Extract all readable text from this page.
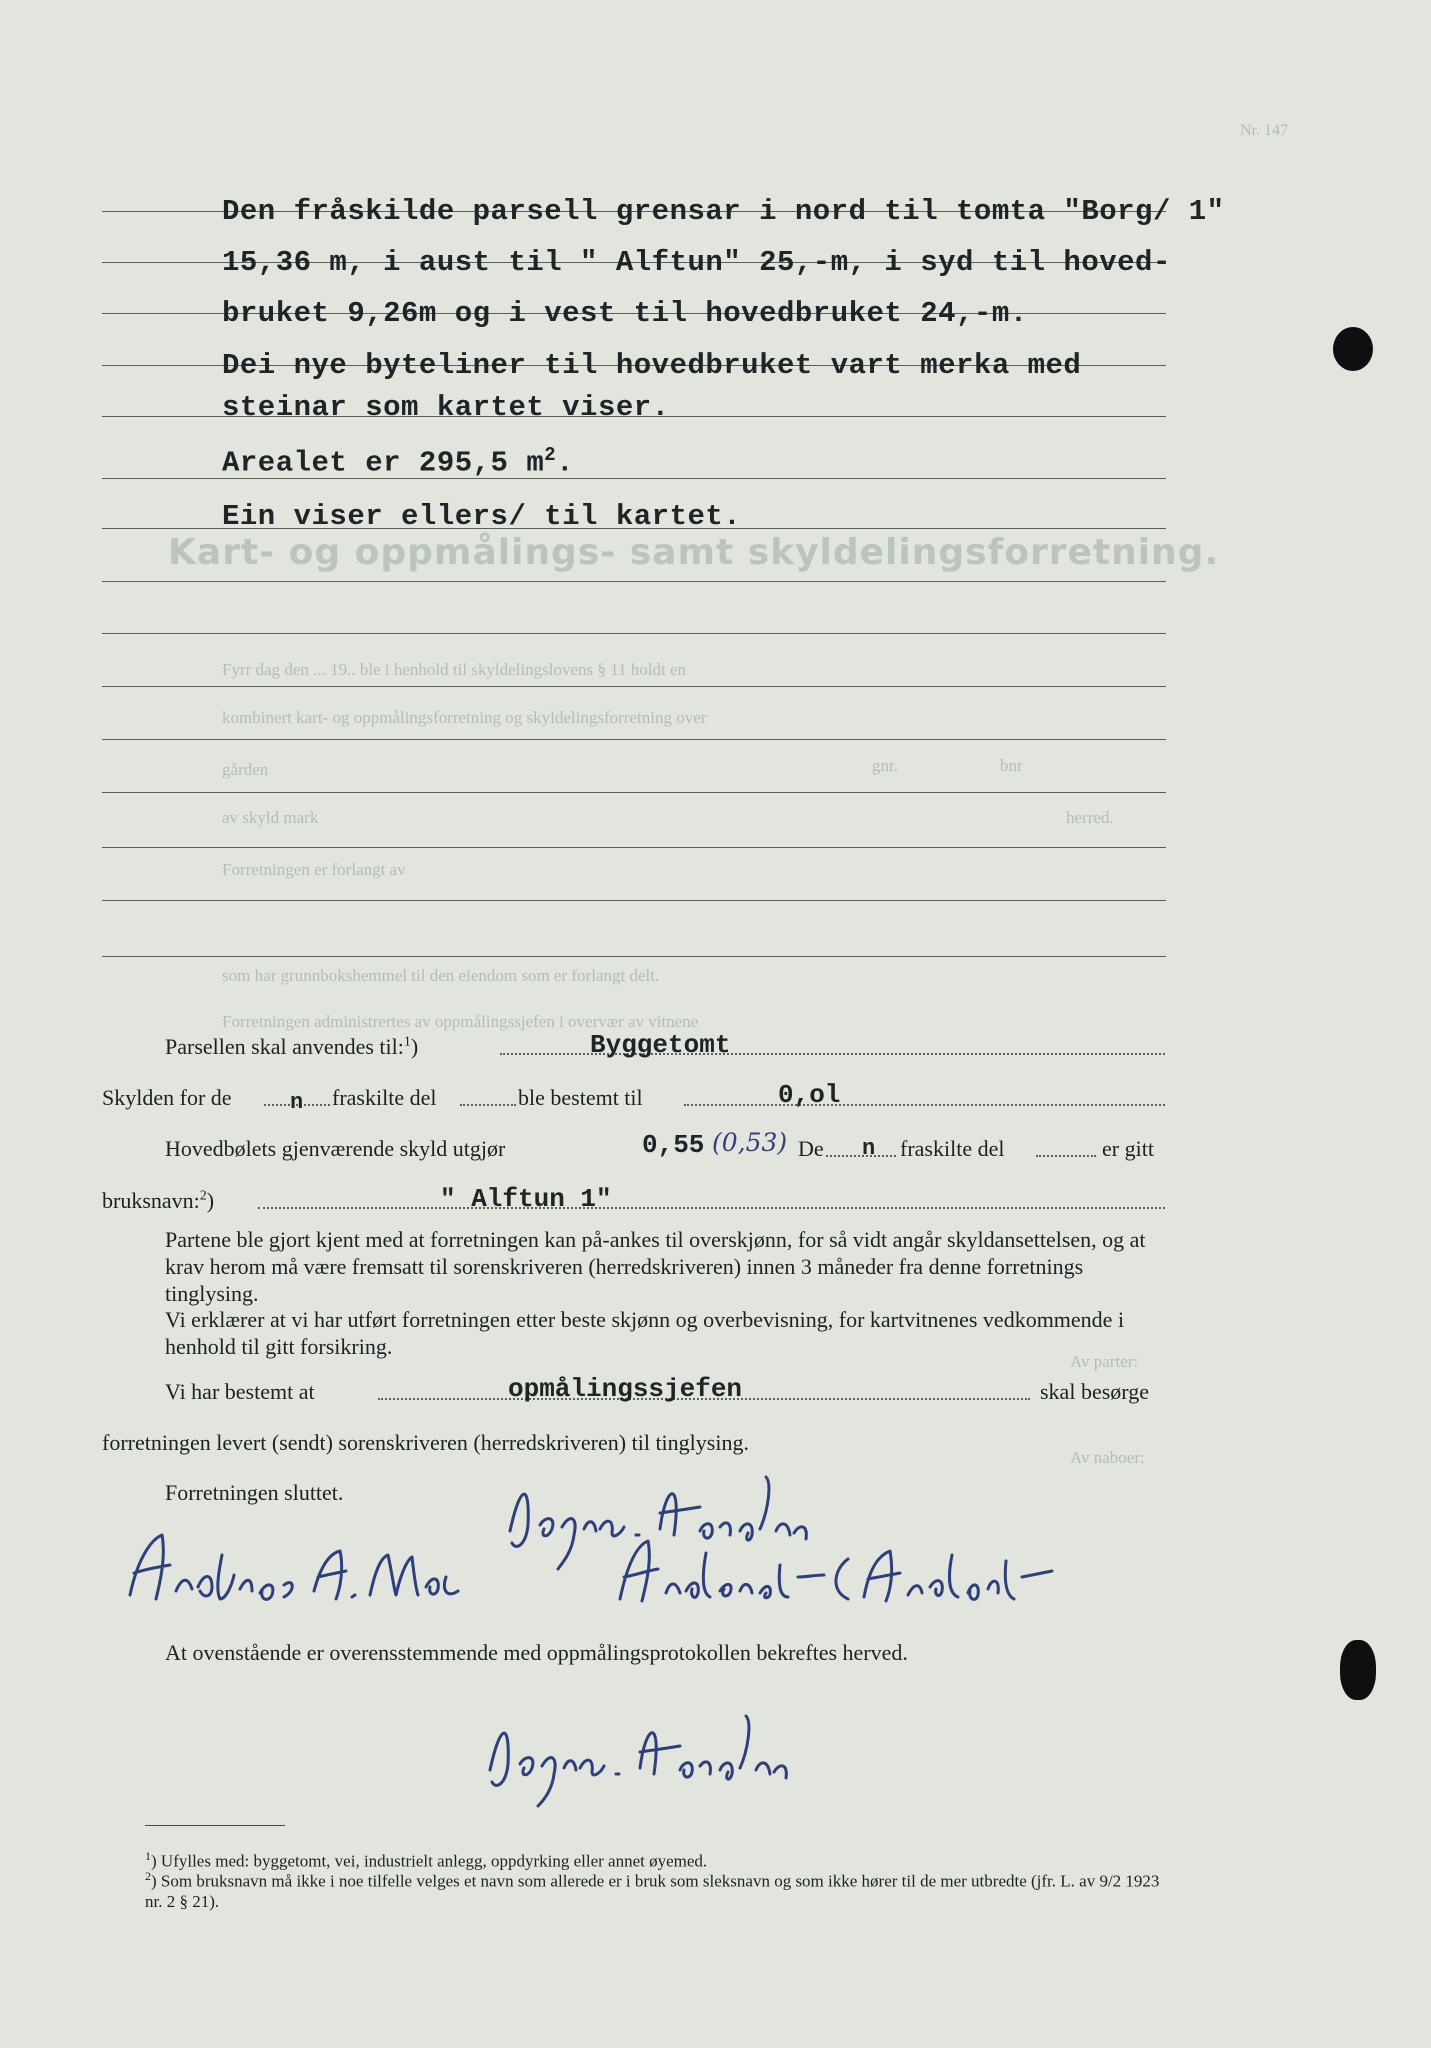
Nr. 147
Kart- og oppmålings- samt skyldelingsforretning.
Fyrr dag den ... 19.. ble i henhold til skyldelingslovens § 11 holdt en
kombinert kart- og oppmålingsforretning og skyldelingsforretning over
gården	gnr.	bnr
av skyld mark	herred.
Forretningen er forlangt av
som har grunnbokshemmel til den eiendom som er forlangt delt.
Forretningen administrertes av oppmålingssjefen i overvær av vitnene
Av naboer:
Av parter:
Den fråskilde parsell grensar i nord til tomta "Borg/ 1"
15,36 m, i aust til " Alftun" 25,-m, i syd til hoved-
bruket 9,26m og i vest til hovedbruket 24,-m.
Dei nye byteliner til hovedbruket vart merka med
steinar som kartet viser.
Arealet er 295,5 $m^2$.
Ein viser ellers/ til kartet.
Parsellen skal anvendes til:$^1$)	Byggetomt
Skylden for de	n fraskilte del	ble bestemt til	0,ol
Hovedbølets gjenværende skyld utgjør	0,55 (0,53) De n fraskilte del	er gitt
bruksnavn:$^2$)	" Alftun 1"
Partene ble gjort kjent med at forretningen kan på-ankes til overskjønn, for så vidt angår skyldansettelsen, og at krav herom må være fremsatt til sorenskriveren (herredskriveren) innen 3 måneder fra denne forretnings tinglysing.
Vi erklærer at vi har utført forretningen etter beste skjønn og overbevisning, for kartvitnenes vedkommende i henhold til gitt forsikring.
Vi har bestemt at	opmålingssjefen	skal besørge
forretningen levert (sendt) sorenskriveren (herredskriveren) til tinglysing.
Forretningen sluttet.
At ovenstående er overensstemmende med oppmålingsprotokollen bekreftes herved.
$^1$) Ufylles med: byggetomt, vei, industrielt anlegg, oppdyrking eller annet øyemed.
$^2$) Som bruksnavn må ikke i noe tilfelle velges et navn som allerede er i bruk som sleksnavn og som ikke hører til de mer utbredte (jfr. L. av 9/2 1923 nr. 2 § 21).
